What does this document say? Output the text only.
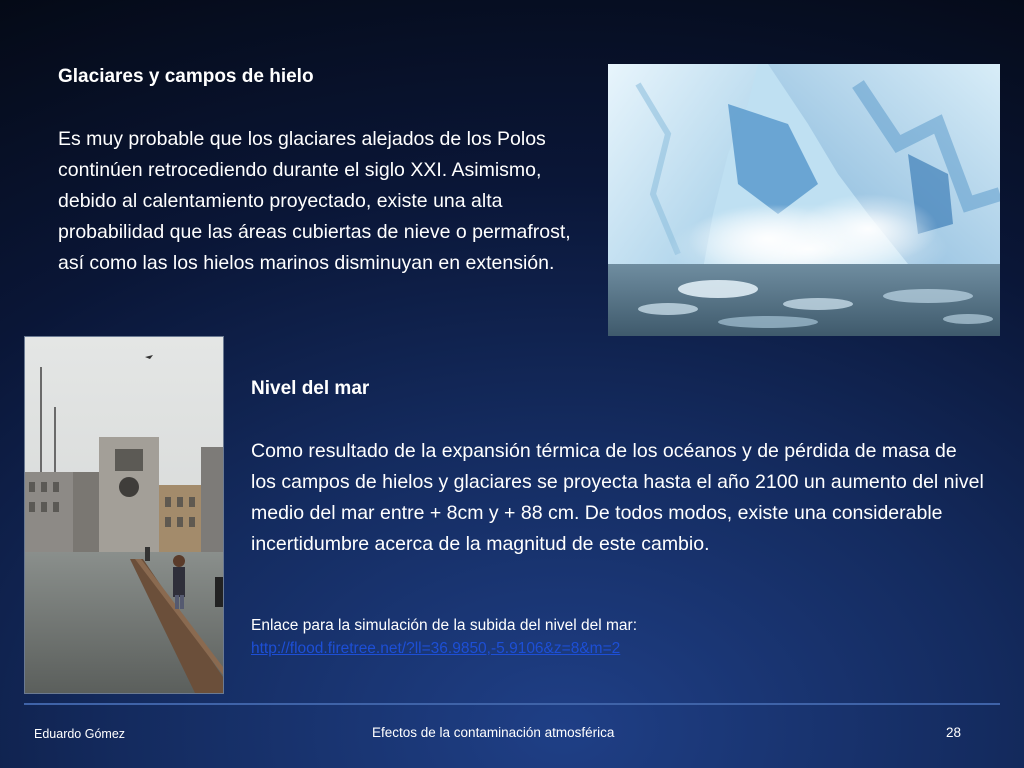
Glaciares y campos de hielo
Es muy probable que los glaciares alejados de los Polos continúen retrocediendo durante el siglo XXI. Asimismo, debido al calentamiento proyectado, existe una alta probabilidad que las áreas cubiertas de nieve o permafrost, así como las los hielos marinos disminuyan en extensión.
Nivel del mar
Como resultado de la expansión térmica de los océanos y de pérdida de masa de los campos de hielos y glaciares se proyecta hasta el año 2100 un aumento del nivel medio del mar entre + 8cm y + 88 cm. De todos modos, existe una considerable incertidumbre acerca de la magnitud de este cambio.
Enlace para la simulación de la subida del nivel del mar:
http://flood.firetree.net/?ll=36.9850,-5.9106&z=8&m=2
Eduardo Gómez	Efectos de la contaminación atmosférica	28
